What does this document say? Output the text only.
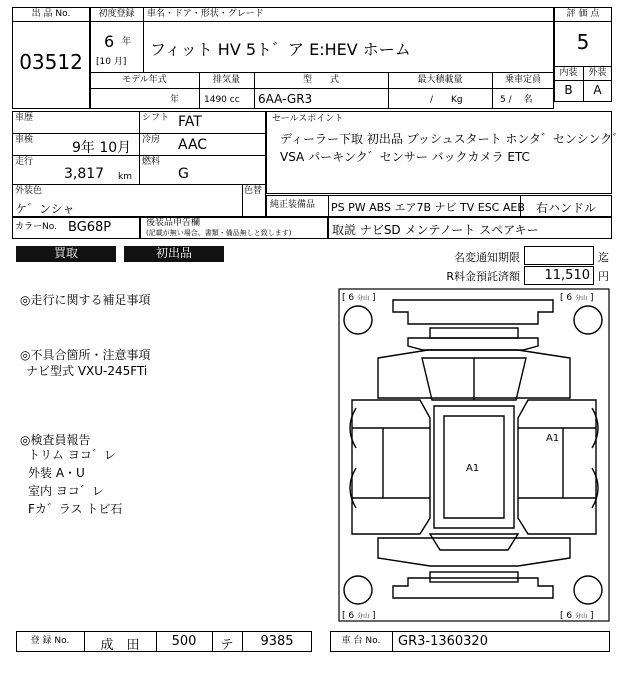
出 品 No.
03512
初度登録	車名・ドア・形状・グレード
6 年
[10 月]
フィット HV 5ト゛ア E:HEV ホーム
モデル年式	排気量	型　　式	最大積載量	乗車定員
年	1490 cc 6AA-GR3	/　　Kg	5 /　 名
評 価 点
5
内装	外装
B	A
車歴	シフト FAT
車検	9年 10月 冷房 AAC
走行
3,817 km
燃料
G
外装色
ケ゛ンシャ
色替
セールスポイント
ディーラー下取 初出品 ブッシュスタート ホンタ゛センシンク゛
VSA パーキンク゛センサー バックカメラ ETC
純正装備品 PS PW ABS エア7B ナビ TV ESC AEB 右ハンドル
カラーNo. BG68P	後装品申告欄
(記載が無い場合、書類・備品無しと致します)	取説 ナビSD メンテノート スペアキー
買取	初出品	名変通知期限	迄
R料金預託済額	11,510 円
◎走行に関する補足事項
◎不具合箇所・注意事項
ナビ型式 VXU-245FTi
◎検査員報告
トリム ヨコ゛レ
外装 A・U
室内 ヨコ゛レ
Fカ゛ラス トビ石
[ 6 分山 ]	[ 6 分山 ]
[ 6 分山 ]	[ 6 分山 ]
A1
A1
登 録 No.	成　田	500	テ	9385	車 台 No.	GR3-1360320
